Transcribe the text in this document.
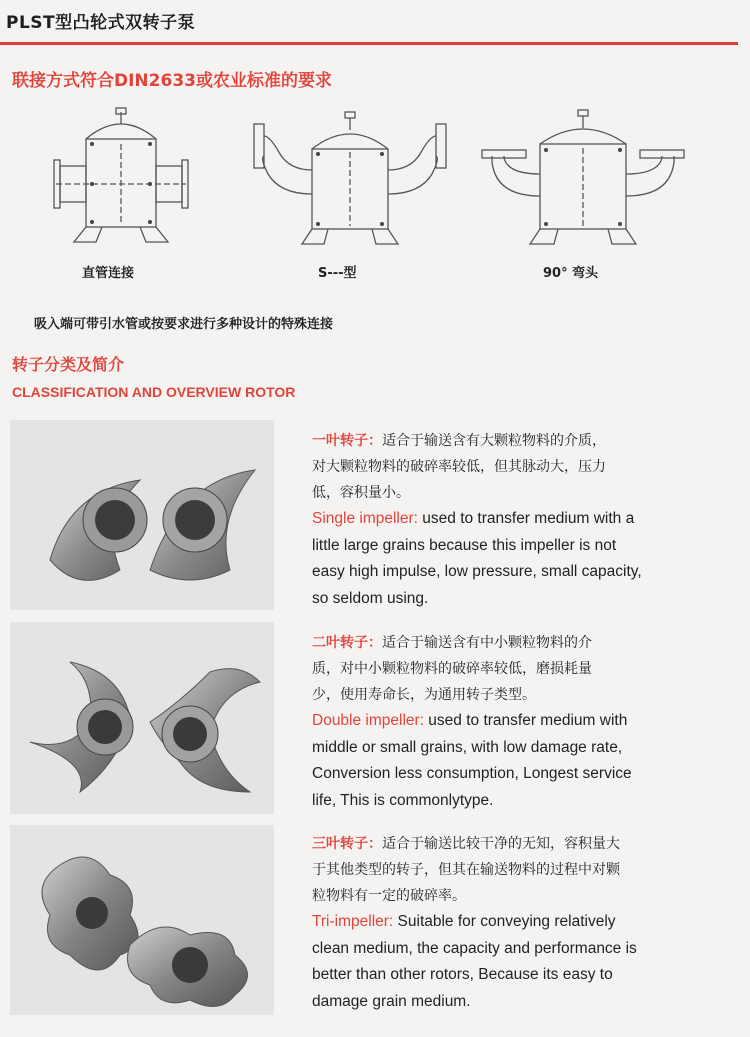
PLST型凸轮式双转子泵
联接方式符合DIN2633或农业标准的要求
直管连接	S---型	90° 弯头
吸入端可带引水管或按要求进行多种设计的特殊连接
转子分类及简介
CLASSIFICATION AND OVERVIEW ROTOR

一叶转子：适合于输送含有大颗粒物料的介质，

对大颗粒物料的破碎率较低，但其脉动大，压力

低，容积量小。

Single impeller: used to transfer medium with a

little large grains because this impeller is not

easy high impulse, low pressure, small capacity,

so seldom using.

二叶转子：适合于输送含有中小颗粒物料的介

质，对中小颗粒物料的破碎率较低，磨损耗量

少，使用寿命长，为通用转子类型。

Double impeller: used to transfer medium with

middle or small grains, with low damage rate,

Conversion less consumption, Longest service

life, This is commonlytype.

三叶转子：适合于输送比较干净的无知，容积量大

于其他类型的转子，但其在输送物料的过程中对颗

粒物料有一定的破碎率。

Tri-impeller: Suitable for conveying relatively

clean medium, the capacity and performance is

better than other rotors, Because its easy to

damage grain medium.
